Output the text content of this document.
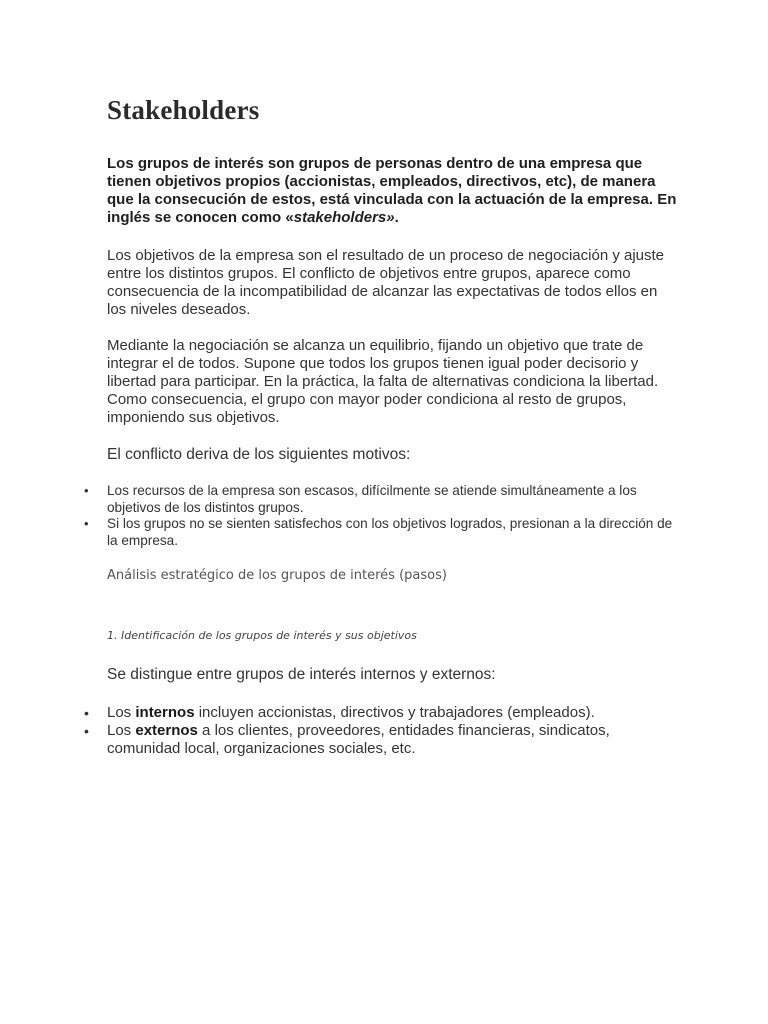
Stakeholders

Los grupos de interés son grupos de personas dentro de una empresa que tienen objetivos propios (accionistas, empleados, directivos, etc), de manera que la consecución de estos, está vinculada con la actuación de la empresa. En inglés se conocen como «stakeholders».

Los objetivos de la empresa son el resultado de un proceso de negociación y ajuste entre los distintos grupos. El conflicto de objetivos entre grupos, aparece como consecuencia de la incompatibilidad de alcanzar las expectativas de todos ellos en los niveles deseados.

Mediante la negociación se alcanza un equilibrio, fijando un objetivo que trate de integrar el de todos. Supone que todos los grupos tienen igual poder decisorio y libertad para participar. En la práctica, la falta de alternativas condiciona la libertad. Como consecuencia, el grupo con mayor poder condiciona al resto de grupos, imponiendo sus objetivos.

El conflicto deriva de los siguientes motivos:

• Los recursos de la empresa son escasos, difícilmente se atiende simultáneamente a los objetivos de los distintos grupos.
• Si los grupos no se sienten satisfechos con los objetivos logrados, presionan a la dirección de la empresa.
Análisis estratégico de los grupos de interés (pasos)
1. Identificación de los grupos de interés y sus objetivos

Se distingue entre grupos de interés internos y externos:

• Los internos incluyen accionistas, directivos y trabajadores (empleados).
• Los externos a los clientes, proveedores, entidades financieras, sindicatos, comunidad local, organizaciones sociales, etc.
